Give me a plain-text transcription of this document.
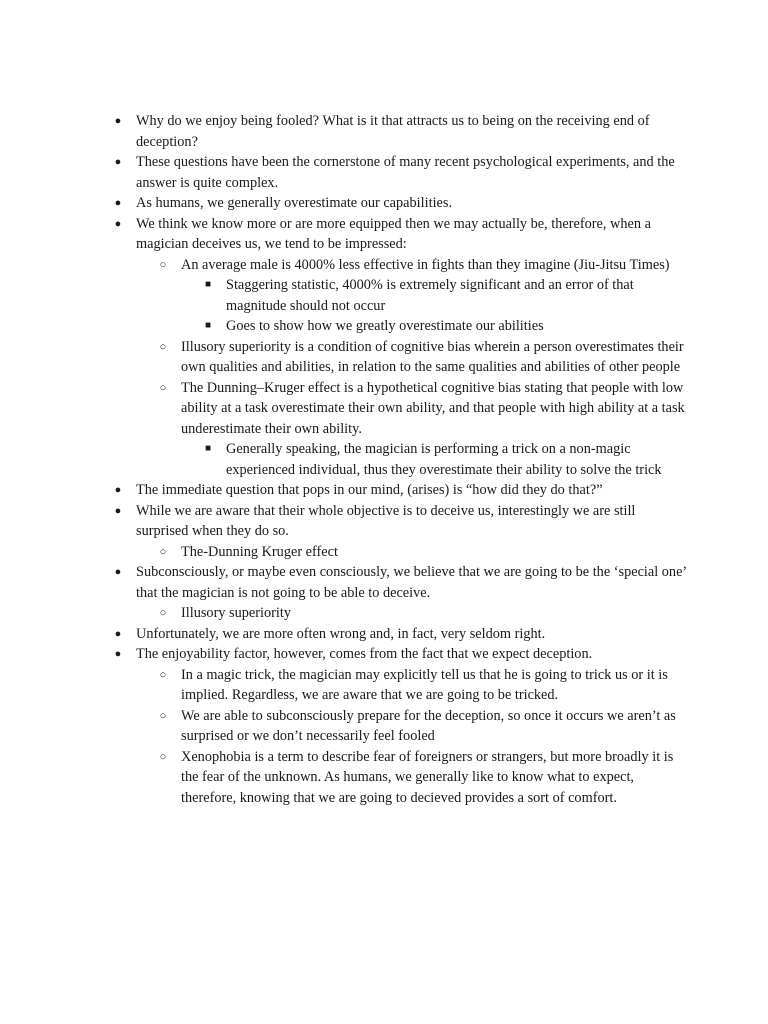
● Why do we enjoy being fooled? What is it that attracts us to being on the receiving end of deception?
● These questions have been the cornerstone of many recent psychological experiments, and the answer is quite complex.
● As humans, we generally overestimate our capabilities.
● We think we know more or are more equipped then we may actually be, therefore, when a magician deceives us, we tend to be impressed:
○ An average male is 4000% less effective in fights than they imagine (Jiu-Jitsu Times)
■ Staggering statistic, 4000% is extremely significant and an error of that magnitude should not occur
■ Goes to show how we greatly overestimate our abilities
○ Illusory superiority is a condition of cognitive bias wherein a person overestimates their own qualities and abilities, in relation to the same qualities and abilities of other people
○ The Dunning–Kruger effect is a hypothetical cognitive bias stating that people with low ability at a task overestimate their own ability, and that people with high ability at a task underestimate their own ability.
■ Generally speaking, the magician is performing a trick on a non-magic experienced individual, thus they overestimate their ability to solve the trick
● The immediate question that pops in our mind, (arises) is “how did they do that?”
● While we are aware that their whole objective is to deceive us, interestingly we are still surprised when they do so.
○ The-Dunning Kruger effect
● Subconsciously, or maybe even consciously, we believe that we are going to be the ‘special one’ that the magician is not going to be able to deceive.
○ Illusory superiority
● Unfortunately, we are more often wrong and, in fact, very seldom right.
● The enjoyability factor, however, comes from the fact that we expect deception.
○ In a magic trick, the magician may explicitly tell us that he is going to trick us or it is implied. Regardless, we are aware that we are going to be tricked.
○ We are able to subconsciously prepare for the deception, so once it occurs we aren’t as surprised or we don’t necessarily feel fooled
○ Xenophobia is a term to describe fear of foreigners or strangers, but more broadly it is the fear of the unknown. As humans, we generally like to know what to expect, therefore, knowing that we are going to decieved provides a sort of comfort.
